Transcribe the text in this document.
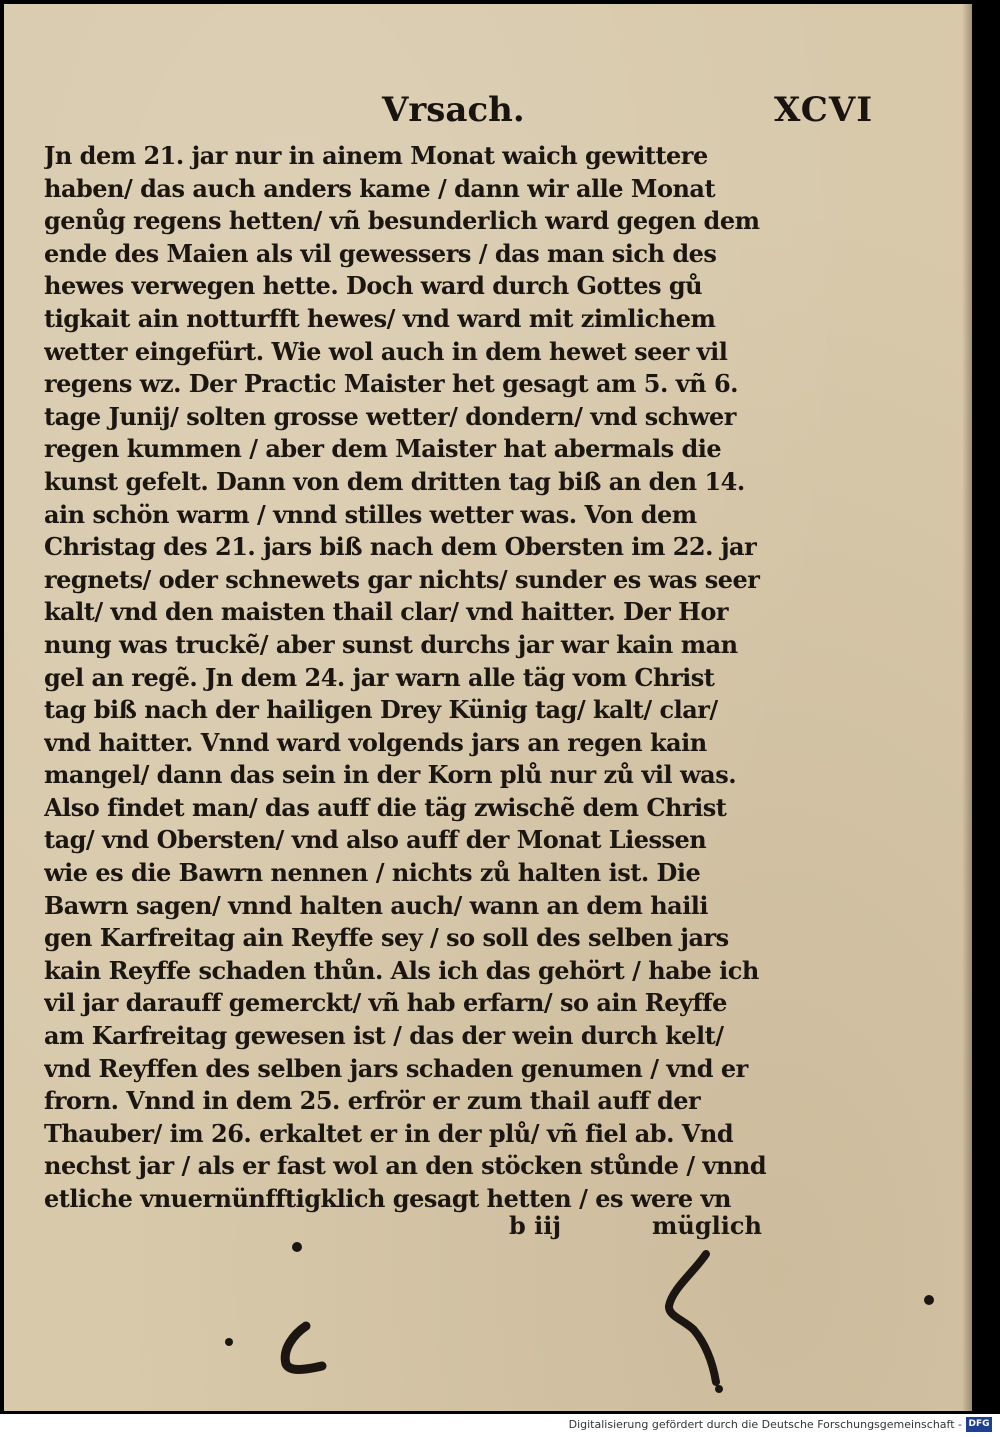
Vrsach.	XCVI
Jn dem 21. jar nur in ainem Monat waich gewittere
haben/ das auch anders kame / dann wir alle Monat
genůg regens hetten/ vñ besunderlich ward gegen dem
ende des Maien als vil gewessers / das man sich des
hewes verwegen hette. Doch ward durch Gottes gů
tigkait ain notturfft hewes/ vnd ward mit zimlichem
wetter eingefürt. Wie wol auch in dem hewet seer vil
regens wz. Der Practic Maister het gesagt am 5. vñ 6.
tage Junij/ solten grosse wetter/ dondern/ vnd schwer
regen kummen / aber dem Maister hat abermals die
kunst gefelt. Dann von dem dritten tag biß an den 14.
ain schön warm / vnnd stilles wetter was. Von dem
Christag des 21. jars biß nach dem Obersten im 22. jar
regnets/ oder schnewets gar nichts/ sunder es was seer
kalt/ vnd den maisten thail clar/ vnd haitter. Der Hor
nung was truckẽ/ aber sunst durchs jar war kain man
gel an regẽ. Jn dem 24. jar warn alle täg vom Christ
tag biß nach der hailigen Drey Künig tag/ kalt/ clar/
vnd haitter. Vnnd ward volgends jars an regen kain
mangel/ dann das sein in der Korn plů nur zů vil was.
Also findet man/ das auff die täg zwischẽ dem Christ
tag/ vnd Obersten/ vnd also auff der Monat Liessen
wie es die Bawrn nennen / nichts zů halten ist. Die
Bawrn sagen/ vnnd halten auch/ wann an dem haili
gen Karfreitag ain Reyffe sey / so soll des selben jars
kain Reyffe schaden thůn. Als ich das gehört / habe ich
vil jar darauff gemerckt/ vñ hab erfarn/ so ain Reyffe
am Karfreitag gewesen ist / das der wein durch kelt/
vnd Reyffen des selben jars schaden genumen / vnd er
frorn. Vnnd in dem 25. erfrör er zum thail auff der
Thauber/ im 26. erkaltet er in der plů/ vñ fiel ab. Vnd
nechst jar / als er fast wol an den stöcken stůnde / vnnd
etliche vnuernünfftigklich gesagt hetten / es were vn
b iij	müglich
Digitalisierung gefördert durch die Deutsche Forschungsgemeinschaft - DFG
